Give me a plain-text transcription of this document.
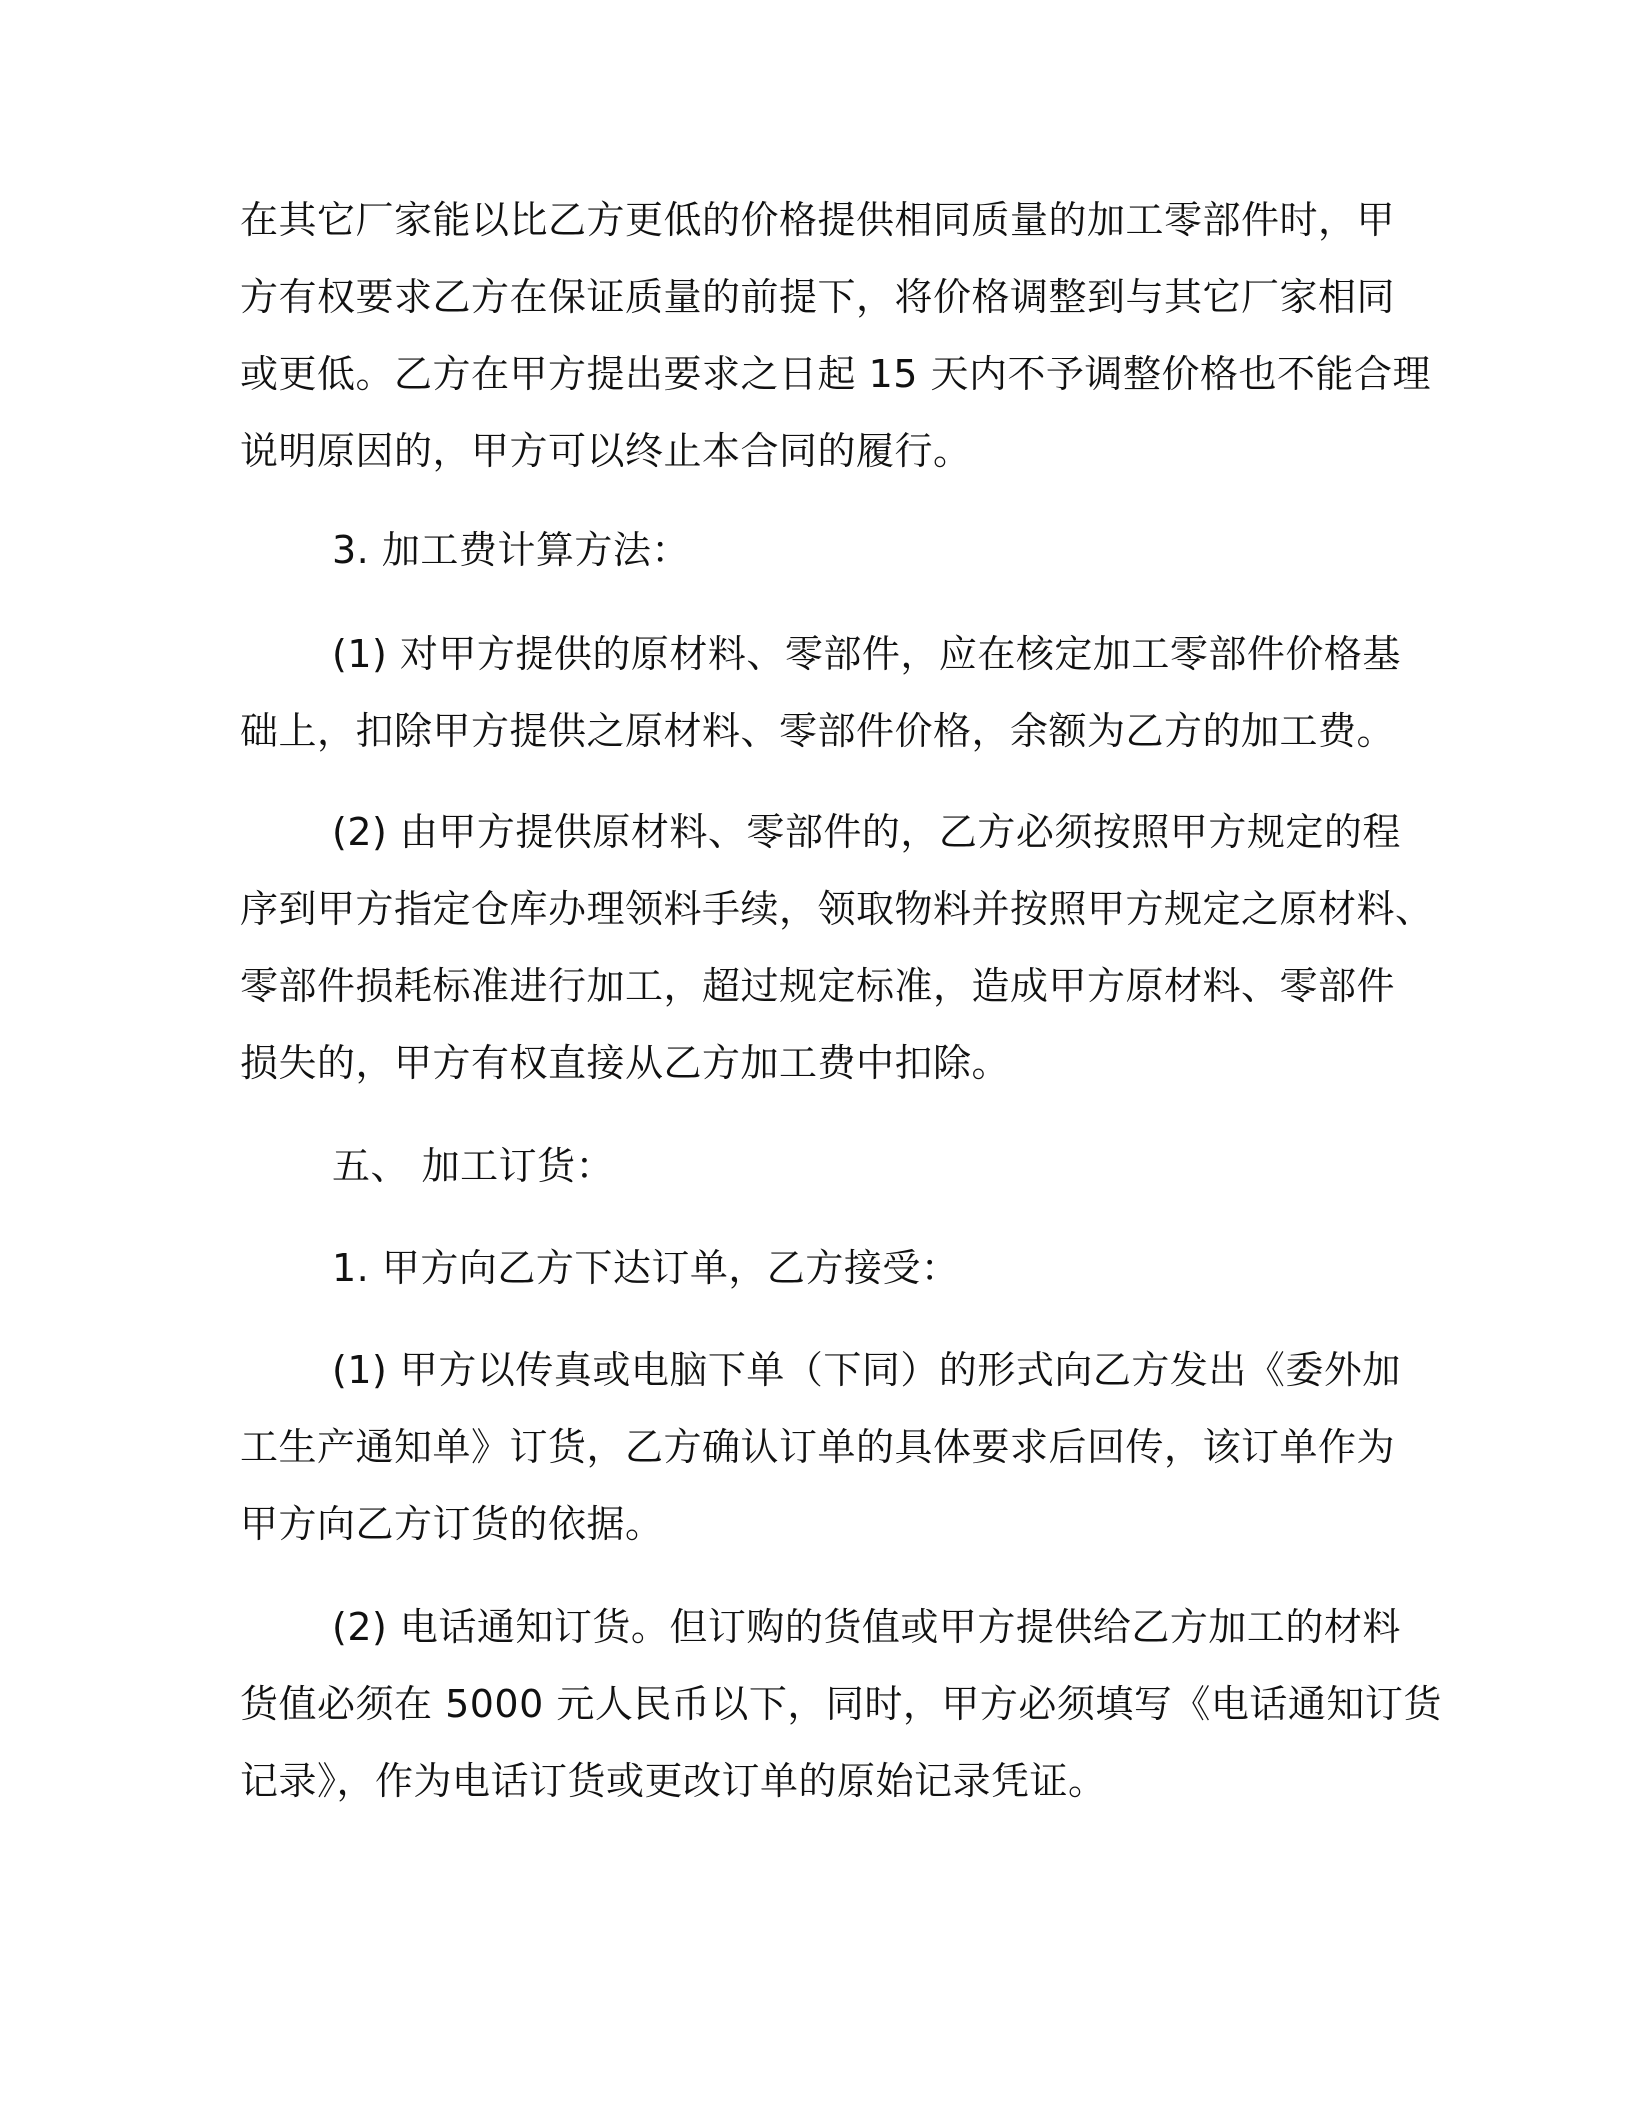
在其它厂家能以比乙方更低的价格提供相同质量的加工零部件时，甲
方有权要求乙方在保证质量的前提下，将价格调整到与其它厂家相同
或更低。乙方在甲方提出要求之日起 15 天内不予调整价格也不能合理
说明原因的，甲方可以终止本合同的履行。
3. 加工费计算方法：
(1) 对甲方提供的原材料、零部件，应在核定加工零部件价格基
础上，扣除甲方提供之原材料、零部件价格，余额为乙方的加工费。
(2) 由甲方提供原材料、零部件的，乙方必须按照甲方规定的程
序到甲方指定仓库办理领料手续，领取物料并按照甲方规定之原材料、
零部件损耗标准进行加工，超过规定标准，造成甲方原材料、零部件
损失的，甲方有权直接从乙方加工费中扣除。
五、 加工订货：
1. 甲方向乙方下达订单，乙方接受：
(1) 甲方以传真或电脑下单（下同）的形式向乙方发出《委外加
工生产通知单》订货，乙方确认订单的具体要求后回传，该订单作为
甲方向乙方订货的依据。
(2) 电话通知订货。但订购的货值或甲方提供给乙方加工的材料
货值必须在 5000 元人民币以下，同时，甲方必须填写《电话通知订货
记录》，作为电话订货或更改订单的原始记录凭证。
